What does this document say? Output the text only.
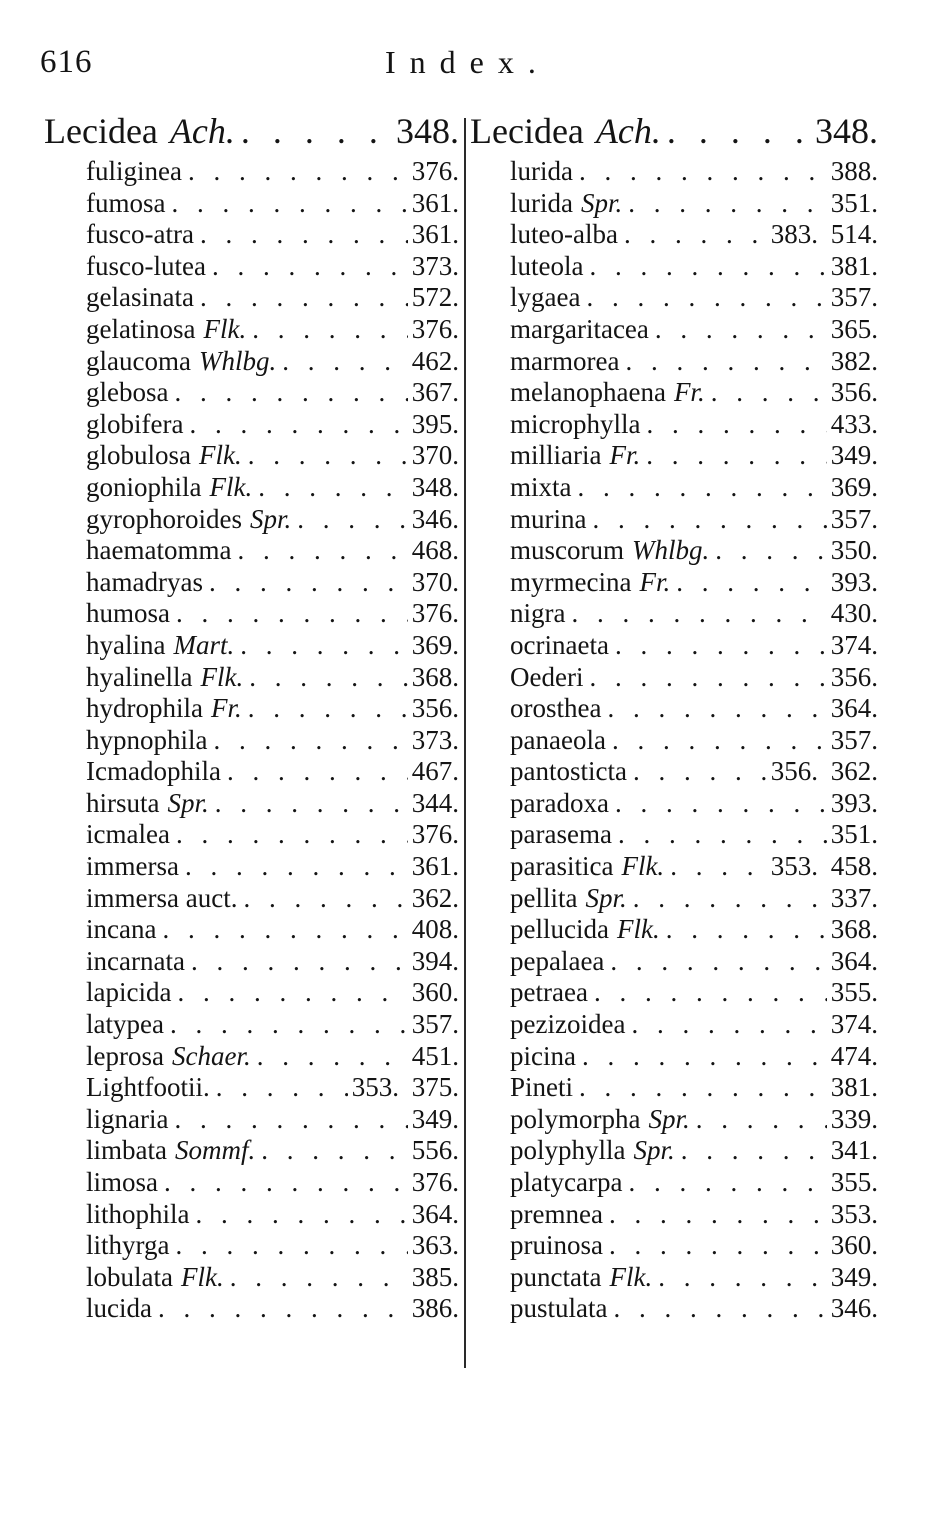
616	Index.
Lecidea Ach. . . .	348.
fuliginea . . .	376.
fumosa . . .	361.
fusco-atra . . .	361.
fusco-lutea . . .	373.
gelasinata . . .	572.
gelatinosa Flk. . . .	376.
glaucoma Whlbg. . . .	462.
glebosa . . .	367.
globifera . . .	395.
globulosa Flk. . . .	370.
goniophila Flk. . . .	348.
gyrophoroides Spr. . . .	346.
haematomma . . .	468.
hamadryas . . .	370.
humosa . . .	376.
hyalina Mart. . . .	369.
hyalinella Flk. . . .	368.
hydrophila Fr. . . .	356.
hypnophila . . .	373.
Icmadophila . . .	467.
hirsuta Spr. . . .	344.
icmalea . . .	376.
immersa . . .	361.
immersa auct. . . .	362.
incana . . .	408.
incarnata . . .	394.
lapicida . . .	360.
latypea . . .	357.
leprosa Schaer. . . .	451.
Lightfootii. . . .	353. 375.
lignaria . . .	349.
limbata Sommf. . . .	556.
limosa . . .	376.
lithophila . . .	364.
lithyrga . . .	363.
lobulata Flk. . . .	385.
lucida . . .	386.
Lecidea Ach. . . .	348.
lurida . . .	388.
lurida Spr. . . .	351.
luteo-alba . . .	383. 514.
luteola . . .	381.
lygaea . . .	357.
margaritacea . . .	365.
marmorea . . .	382.
melanophaena Fr. . . .	356.
microphylla . . .	433.
milliaria Fr. . . .	349.
mixta . . .	369.
murina . . .	357.
muscorum Whlbg. . . .	350.
myrmecina Fr. . . .	393.
nigra . . .	430.
ocrinaeta . . .	374.
Oederi . . .	356.
orosthea . . .	364.
panaeola . . .	357.
pantosticta . . .	356. 362.
paradoxa . . .	393.
parasema . . .	351.
parasitica Flk. . . .	353. 458.
pellita Spr. . . .	337.
pellucida Flk. . . .	368.
pepalaea . . .	364.
petraea . . .	355.
pezizoidea . . .	374.
picina . . .	474.
Pineti . . .	381.
polymorpha Spr. . . .	339.
polyphylla Spr. . . .	341.
platycarpa . . .	355.
premnea . . .	353.
pruinosa . . .	360.
punctata Flk. . . .	349.
pustulata . . .	346.
